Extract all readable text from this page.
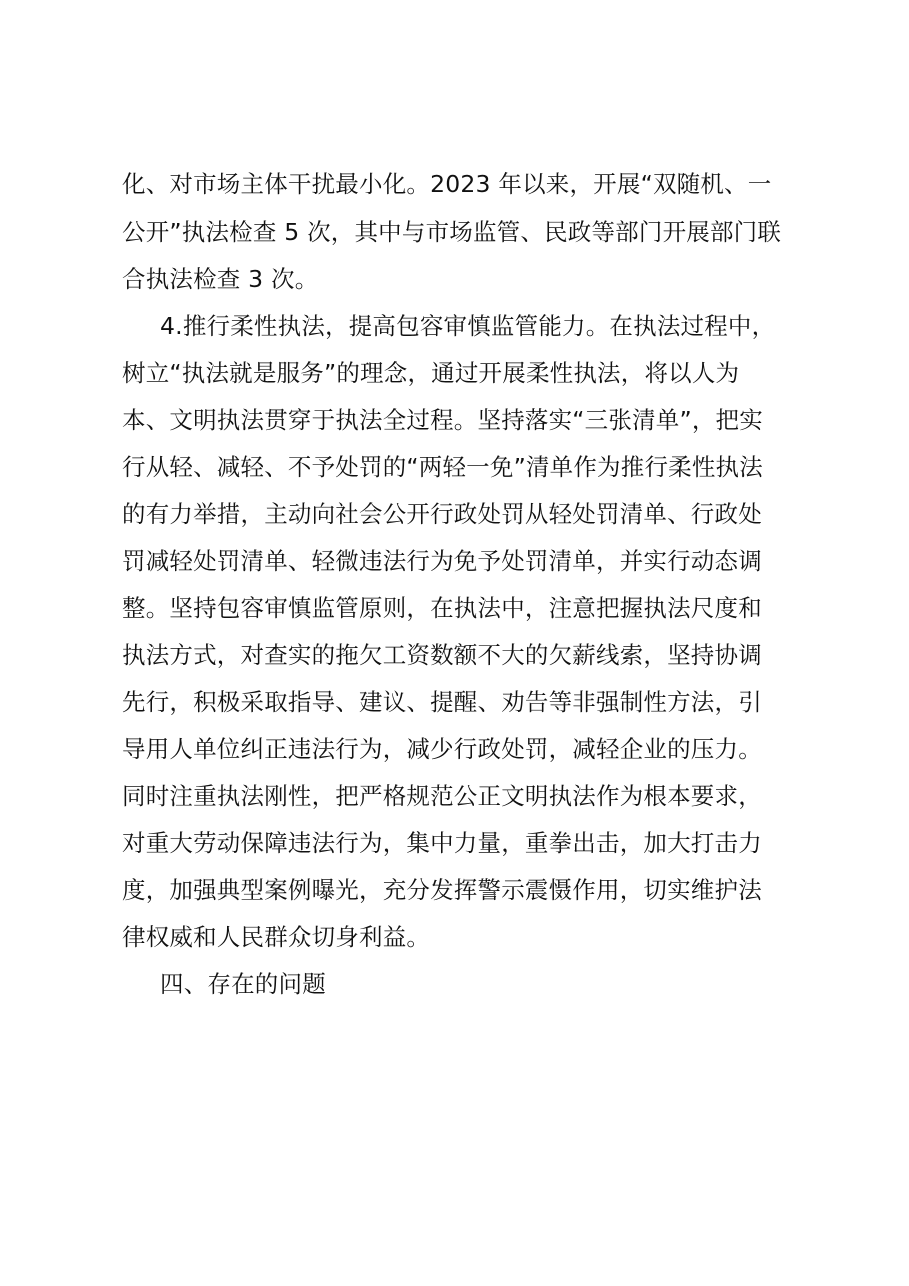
化、对市场主体干扰最小化。2023 年以来，开展“双随机、一
公开”执法检查 5 次，其中与市场监管、民政等部门开展部门联
合执法检查 3 次。
4.推行柔性执法，提高包容审慎监管能力。在执法过程中，
树立“执法就是服务”的理念，通过开展柔性执法，将以人为
本、文明执法贯穿于执法全过程。坚持落实“三张清单”，把实
行从轻、减轻、不予处罚的“两轻一免”清单作为推行柔性执法
的有力举措，主动向社会公开行政处罚从轻处罚清单、行政处
罚减轻处罚清单、轻微违法行为免予处罚清单，并实行动态调
整。坚持包容审慎监管原则，在执法中，注意把握执法尺度和
执法方式，对查实的拖欠工资数额不大的欠薪线索，坚持协调
先行，积极采取指导、建议、提醒、劝告等非强制性方法，引
导用人单位纠正违法行为，减少行政处罚，减轻企业的压力。
同时注重执法刚性，把严格规范公正文明执法作为根本要求，
对重大劳动保障违法行为，集中力量，重拳出击，加大打击力
度，加强典型案例曝光，充分发挥警示震慑作用，切实维护法
律权威和人民群众切身利益。
四、存在的问题
